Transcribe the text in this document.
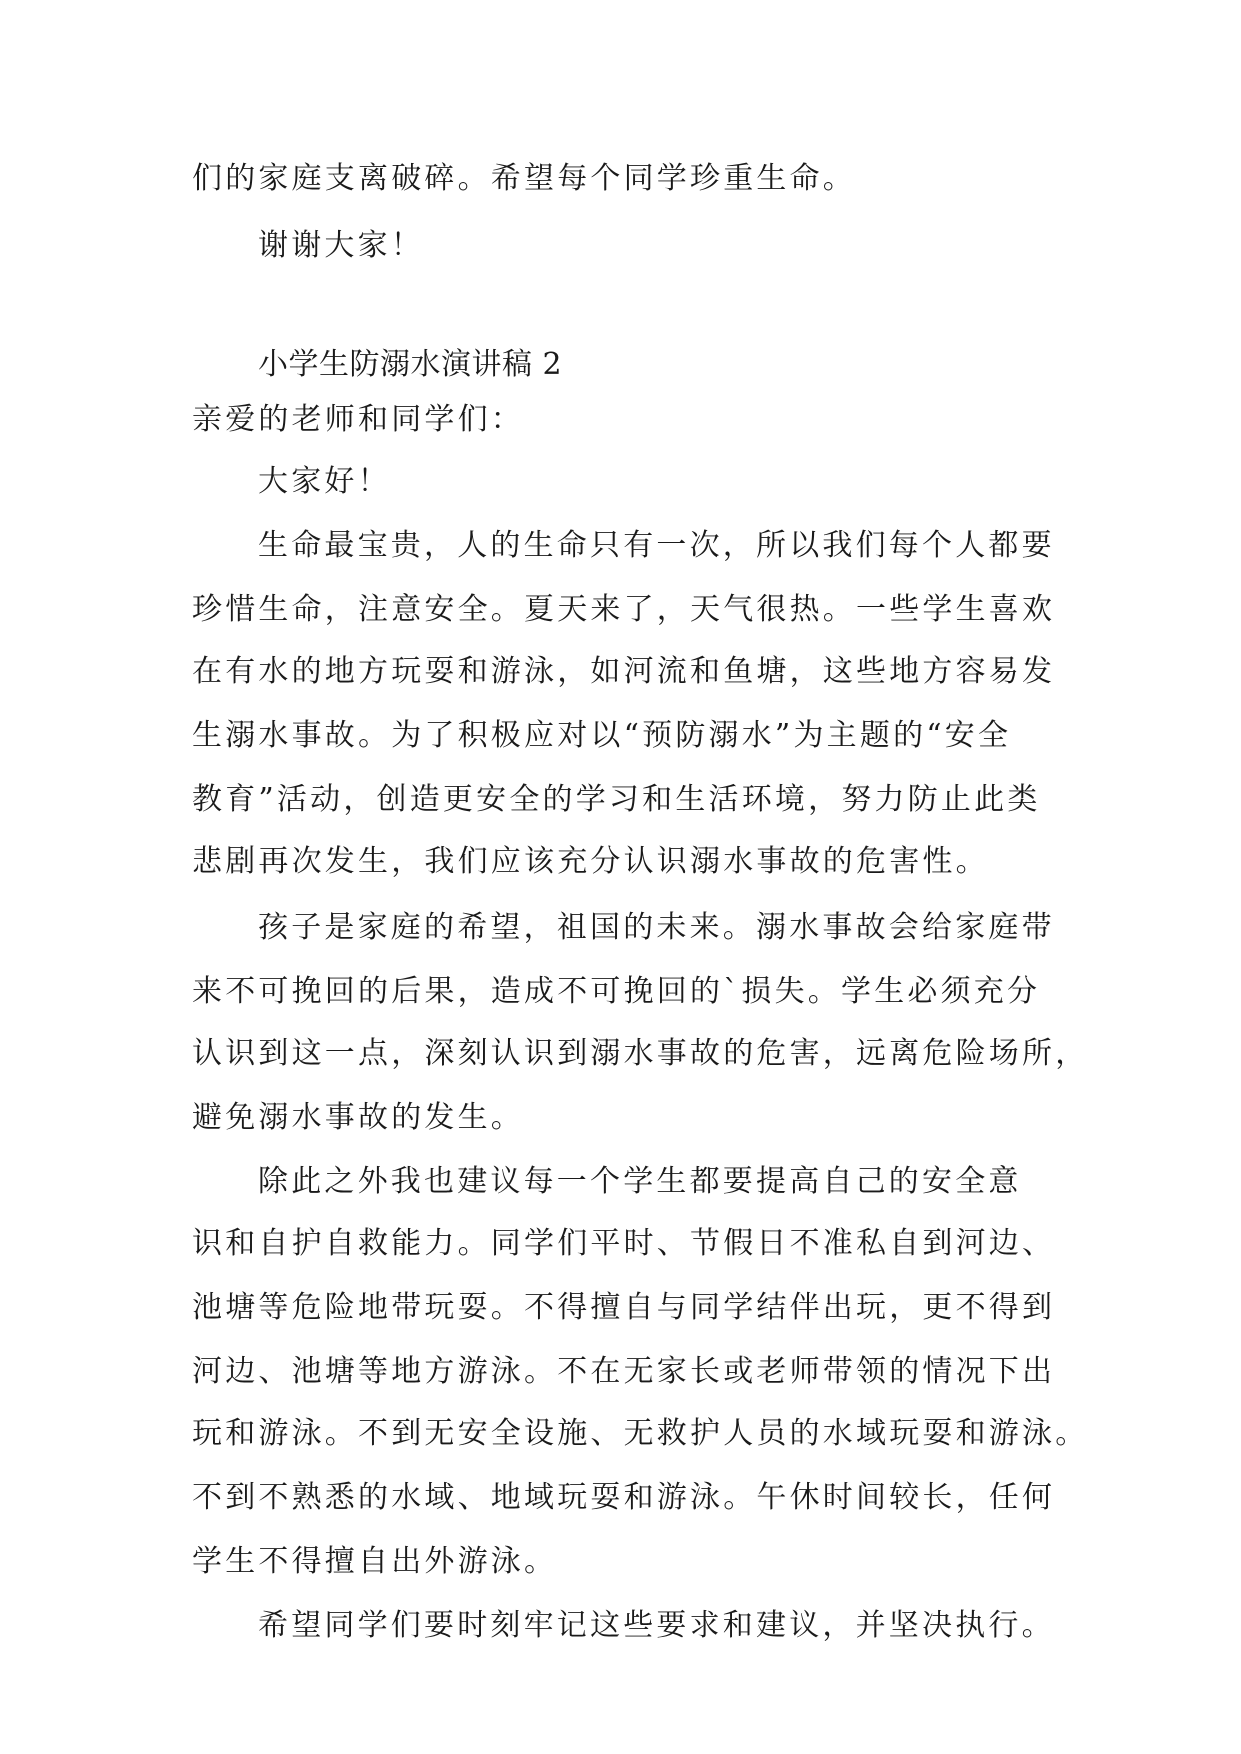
们的家庭支离破碎。希望每个同学珍重生命。
谢谢大家！
小学生防溺水演讲稿 2
亲爱的老师和同学们：
大家好！
生命最宝贵，人的生命只有一次，所以我们每个人都要
珍惜生命，注意安全。夏天来了，天气很热。一些学生喜欢
在有水的地方玩耍和游泳，如河流和鱼塘，这些地方容易发
生溺水事故。为了积极应对以“预防溺水”为主题的“安全
教育”活动，创造更安全的学习和生活环境，努力防止此类
悲剧再次发生，我们应该充分认识溺水事故的危害性。
孩子是家庭的希望，祖国的未来。溺水事故会给家庭带
来不可挽回的后果，造成不可挽回的`损失。学生必须充分
认识到这一点，深刻认识到溺水事故的危害，远离危险场所，
避免溺水事故的发生。
除此之外我也建议每一个学生都要提高自己的安全意
识和自护自救能力。同学们平时、节假日不准私自到河边、
池塘等危险地带玩耍。不得擅自与同学结伴出玩，更不得到
河边、池塘等地方游泳。不在无家长或老师带领的情况下出
玩和游泳。不到无安全设施、无救护人员的水域玩耍和游泳。
不到不熟悉的水域、地域玩耍和游泳。午休时间较长，任何
学生不得擅自出外游泳。
希望同学们要时刻牢记这些要求和建议，并坚决执行。
